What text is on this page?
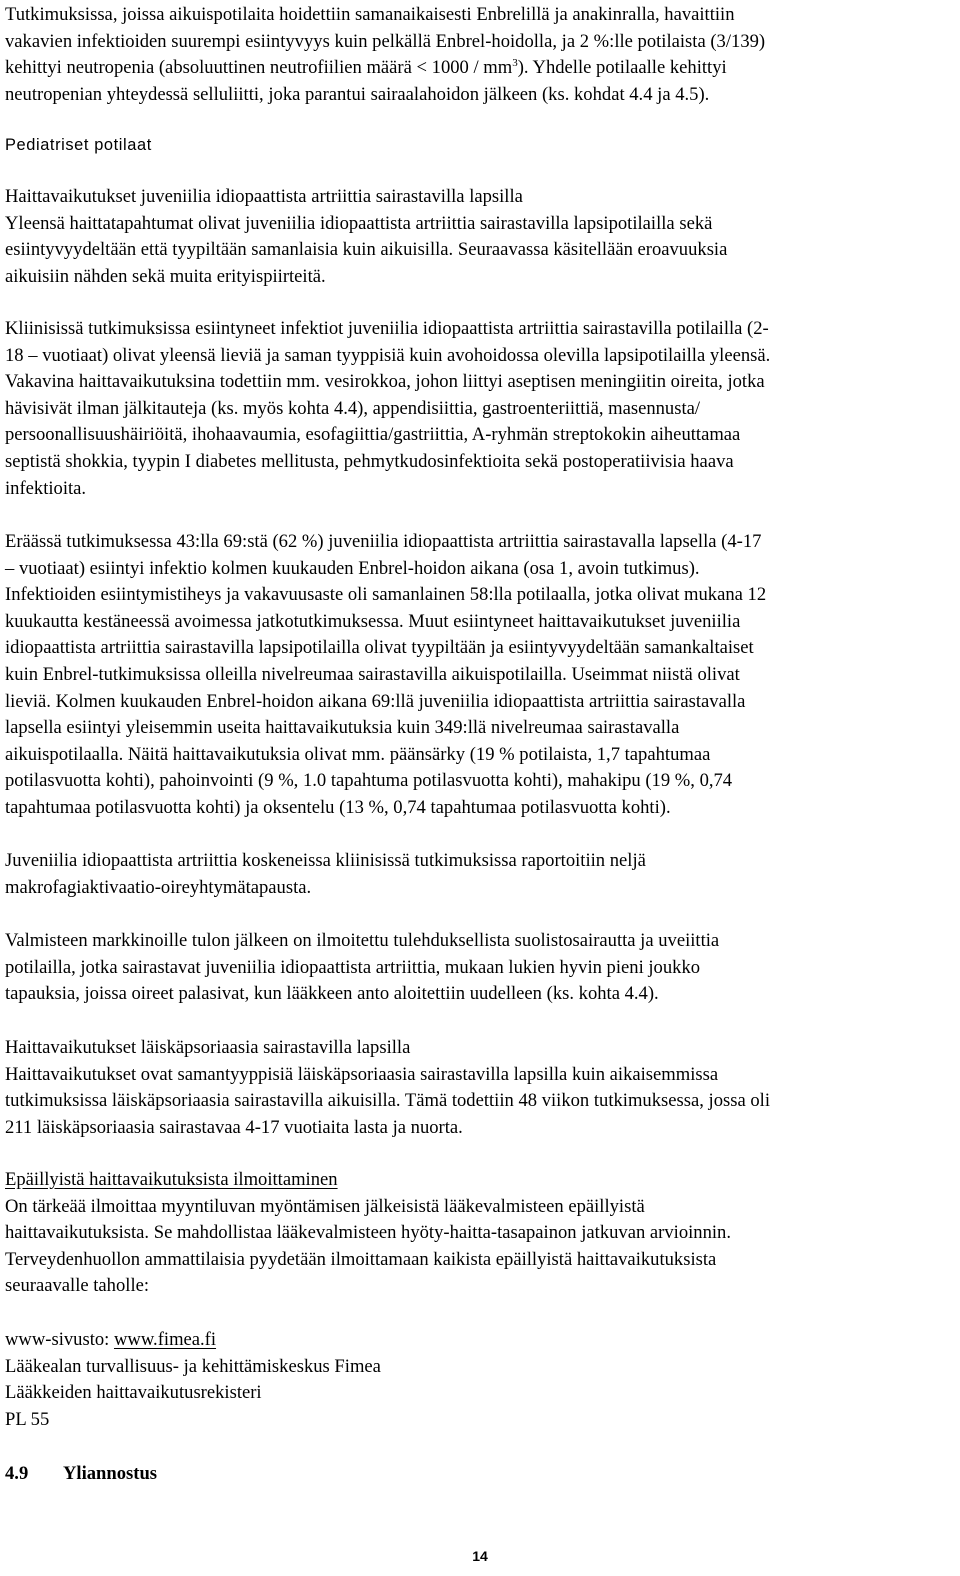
Tutkimuksissa, joissa aikuispotilaita hoidettiin samanaikaisesti Enbrelillä ja anakinralla, havaittiin
vakavien infektioiden suurempi esiintyvyys kuin pelkällä Enbrel-hoidolla, ja 2 %:lle potilaista (3/139)
kehittyi neutropenia (absoluuttinen neutrofiilien määrä < $1000 / mm^3$). Yhdelle potilaalle kehittyi
neutropenian yhteydessä selluliitti, joka parantui sairaalahoidon jälkeen (ks. kohdat 4.4 ja 4.5).
Pediatriset potilaat
Haittavaikutukset juveniilia idiopaattista artriittia sairastavilla lapsilla
Yleensä haittatapahtumat olivat juveniilia idiopaattista artriittia sairastavilla lapsipotilailla sekä
esiintyvyydeltään että tyypiltään samanlaisia kuin aikuisilla. Seuraavassa käsitellään eroavuuksia
aikuisiin nähden sekä muita erityispiirteitä.
Kliinisissä tutkimuksissa esiintyneet infektiot juveniilia idiopaattista artriittia sairastavilla potilailla (2-
18 – vuotiaat) olivat yleensä lieviä ja saman tyyppisiä kuin avohoidossa olevilla lapsipotilailla yleensä.
Vakavina haittavaikutuksina todettiin mm. vesirokkoa, johon liittyi aseptisen meningiitin oireita, jotka
hävisivät ilman jälkitauteja (ks. myös kohta 4.4), appendisiittia, gastroenteriittiä, masennusta/
persoonallisuushäiriöitä, ihohaavaumia, esofagiittia/gastriittia, A-ryhmän streptokokin aiheuttamaa
septistä shokkia, tyypin I diabetes mellitusta, pehmytkudosinfektioita sekä postoperatiivisia haava
infektioita.
Eräässä tutkimuksessa 43:lla 69:stä (62 %) juveniilia idiopaattista artriittia sairastavalla lapsella (4-17
– vuotiaat) esiintyi infektio kolmen kuukauden Enbrel-hoidon aikana (osa 1, avoin tutkimus).
Infektioiden esiintymistiheys ja vakavuusaste oli samanlainen 58:lla potilaalla, jotka olivat mukana 12
kuukautta kestäneessä avoimessa jatkotutkimuksessa. Muut esiintyneet haittavaikutukset juveniilia
idiopaattista artriittia sairastavilla lapsipotilailla olivat tyypiltään ja esiintyvyydeltään samankaltaiset
kuin Enbrel-tutkimuksissa olleilla nivelreumaa sairastavilla aikuispotilailla. Useimmat niistä olivat
lieviä. Kolmen kuukauden Enbrel-hoidon aikana 69:llä juveniilia idiopaattista artriittia sairastavalla
lapsella esiintyi yleisemmin useita haittavaikutuksia kuin 349:llä nivelreumaa sairastavalla
aikuispotilaalla. Näitä haittavaikutuksia olivat mm. päänsärky (19 % potilaista, 1,7 tapahtumaa
potilasvuotta kohti), pahoinvointi (9 %, 1.0 tapahtuma potilasvuotta kohti), mahakipu (19 %, 0,74
tapahtumaa potilasvuotta kohti) ja oksentelu (13 %, 0,74 tapahtumaa potilasvuotta kohti).
Juveniilia idiopaattista artriittia koskeneissa kliinisissä tutkimuksissa raportoitiin neljä
makrofagiaktivaatio-oireyhtymätapausta.
Valmisteen markkinoille tulon jälkeen on ilmoitettu tulehduksellista suolistosairautta ja uveiittia
potilailla, jotka sairastavat juveniilia idiopaattista artriittia, mukaan lukien hyvin pieni joukko
tapauksia, joissa oireet palasivat, kun lääkkeen anto aloitettiin uudelleen (ks. kohta 4.4).
Haittavaikutukset läiskäpsoriaasia sairastavilla lapsilla
Haittavaikutukset ovat samantyyppisiä läiskäpsoriaasia sairastavilla lapsilla kuin aikaisemmissa
tutkimuksissa läiskäpsoriaasia sairastavilla aikuisilla. Tämä todettiin 48 viikon tutkimuksessa, jossa oli
211 läiskäpsoriaasia sairastavaa 4-17 vuotiaita lasta ja nuorta.
Epäillyistä haittavaikutuksista ilmoittaminen
On tärkeää ilmoittaa myyntiluvan myöntämisen jälkeisistä lääkevalmisteen epäillyistä
haittavaikutuksista. Se mahdollistaa lääkevalmisteen hyöty-haitta-tasapainon jatkuvan arvioinnin.
Terveydenhuollon ammattilaisia pyydetään ilmoittamaan kaikista epäillyistä haittavaikutuksista
seuraavalle taholle:
www-sivusto: www.fimea.fi
Lääkealan turvallisuus- ja kehittämiskeskus Fimea
Lääkkeiden haittavaikutusrekisteri
PL 55
4.9 Yliannostus
14
